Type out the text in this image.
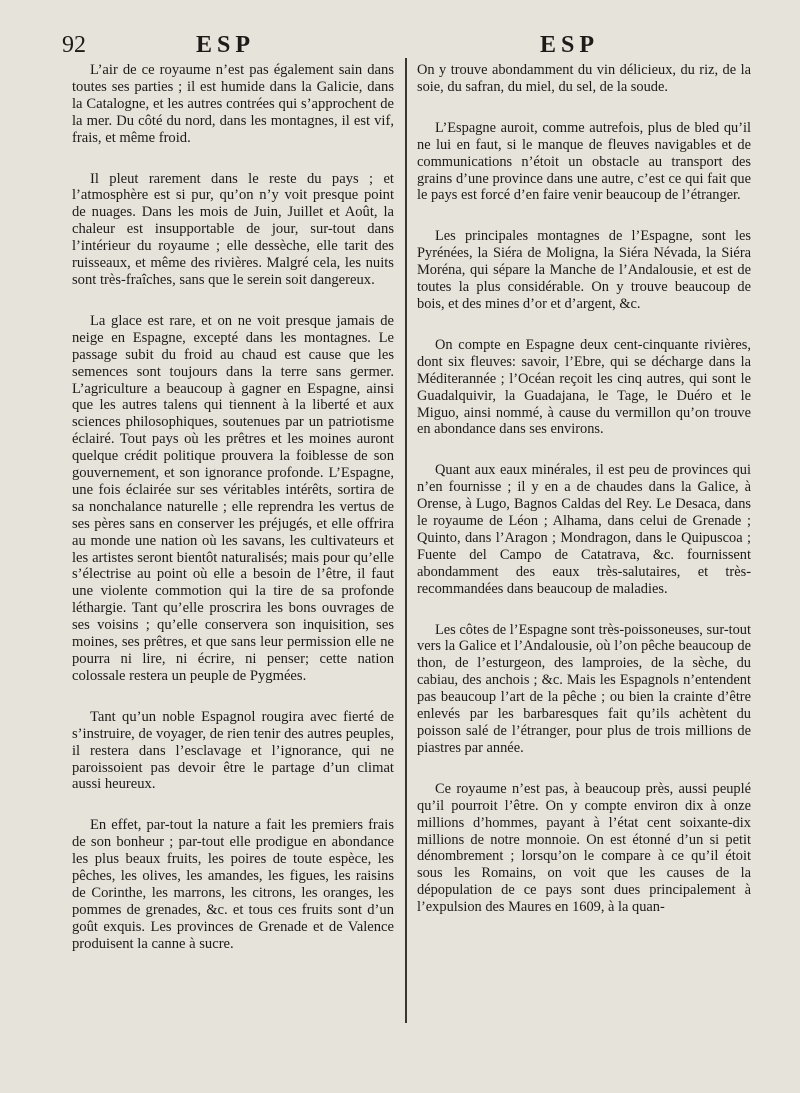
92	ESP	ESP

L’air de ce royaume n’est pas également sain dans toutes ses parties ; il est humide dans la Galicie, dans la Catalogne, et les autres contrées qui s’approchent de la mer. Du côté du nord, dans les montagnes, il est vif, frais, et même froid.

Il pleut rarement dans le reste du pays ; et l’atmosphère est si pur, qu’on n’y voit presque point de nuages. Dans les mois de Juin, Juillet et Août, la chaleur est insupportable de jour, sur-tout dans l’intérieur du royaume ; elle dessèche, elle tarit des ruisseaux, et même des rivières. Malgré cela, les nuits sont très-fraîches, sans que le serein soit dangereux.

La glace est rare, et on ne voit presque jamais de neige en Espagne, excepté dans les montagnes. Le passage subit du froid au chaud est cause que les semences sont toujours dans la terre sans germer. L’agriculture a beaucoup à gagner en Espagne, ainsi que les autres talens qui tiennent à la liberté et aux sciences philosophiques, soutenues par un patriotisme éclairé. Tout pays où les prêtres et les moines auront quelque crédit politique prouvera la foiblesse de son gouvernement, et son ignorance profonde. L’Espagne, une fois éclairée sur ses véritables intérêts, sortira de sa nonchalance naturelle ; elle reprendra les vertus de ses pères sans en conserver les préjugés, et elle offrira au monde une nation où les savans, les cultivateurs et les artistes seront bientôt naturalisés; mais pour qu’elle s’électrise au point où elle a besoin de l’être, il faut une violente commotion qui la tire de sa profonde léthargie. Tant qu’elle proscrira les bons ouvrages de ses voisins ; qu’elle conservera son inquisition, ses moines, ses prêtres, et que sans leur permission elle ne pourra ni lire, ni écrire, ni penser; cette nation colossale restera un peuple de Pygmées.

Tant qu’un noble Espagnol rougira avec fierté de s’instruire, de voyager, de rien tenir des autres peuples, il restera dans l’esclavage et l’ignorance, qui ne paroissoient pas devoir être le partage d’un climat aussi heureux.

En effet, par-tout la nature a fait les premiers frais de son bonheur ; par-tout elle prodigue en abondance les plus beaux fruits, les poires de toute espèce, les pêches, les olives, les amandes, les figues, les raisins de Corinthe, les marrons, les citrons, les oranges, les pommes de grenades, &c. et tous ces fruits sont d’un goût exquis. Les provinces de Grenade et de Valence produisent la canne à sucre.

On y trouve abondamment du vin délicieux, du riz, de la soie, du safran, du miel, du sel, de la soude.

L’Espagne auroit, comme autrefois, plus de bled qu’il ne lui en faut, si le manque de fleuves navigables et de communications n’étoit un obstacle au transport des grains d’une province dans une autre, c’est ce qui fait que le pays est forcé d’en faire venir beaucoup de l’étranger.

Les principales montagnes de l’Espagne, sont les Pyrénées, la Siéra de Moligna, la Siéra Névada, la Siéra Moréna, qui sépare la Manche de l’Andalousie, et est de toutes la plus considérable. On y trouve beaucoup de bois, et des mines d’or et d’argent, &c.

On compte en Espagne deux cent-cinquante rivières, dont six fleuves: savoir, l’Ebre, qui se décharge dans la Méditerannée ; l’Océan reçoit les cinq autres, qui sont le Guadalquivir, la Guadajana, le Tage, le Duéro et le Miguo, ainsi nommé, à cause du vermillon qu’on trouve en abondance dans ses environs.

Quant aux eaux minérales, il est peu de provinces qui n’en fournisse ; il y en a de chaudes dans la Galice, à Orense, à Lugo, Bagnos Caldas del Rey. Le Desaca, dans le royaume de Léon ; Alhama, dans celui de Grenade ; Quinto, dans l’Aragon ; Mondragon, dans le Quipuscoa ; Fuente del Campo de Catatrava, &c. fournissent abondamment des eaux très-salutaires, et très-recommandées dans beaucoup de maladies.

Les côtes de l’Espagne sont très-poissoneuses, sur-tout vers la Galice et l’Andalousie, où l’on pêche beaucoup de thon, de l’esturgeon, des lamproies, de la sèche, du cabiau, des anchois ; &c. Mais les Espagnols n’entendent pas beaucoup l’art de la pêche ; ou bien la crainte d’être enlevés par les barbaresques fait qu’ils achètent du poisson salé de l’étranger, pour plus de trois millions de piastres par année.

Ce royaume n’est pas, à beaucoup près, aussi peuplé qu’il pourroit l’être. On y compte environ dix à onze millions d’hommes, payant à l’état cent soixante-dix millions de notre monnoie. On est étonné d’un si petit dénombrement ; lorsqu’on le compare à ce qu’il étoit sous les Romains, on voit que les causes de la dépopulation de ce pays sont dues principalement à l’expulsion des Maures en 1609, à la quan-
